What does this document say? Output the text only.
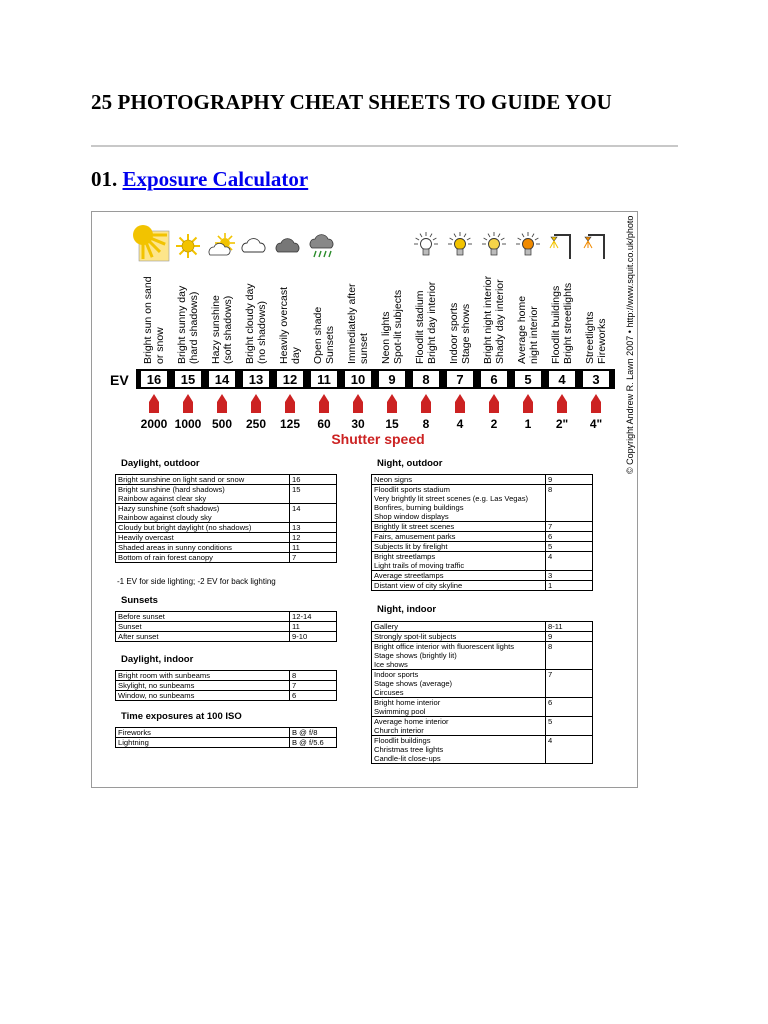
25 PHOTOGRAPHY CHEAT SHEETS TO GUIDE YOU
01. Exposure Calculator
EV
Bright sun on sandor snow
16
2000
Bright sunny day(hard shadows)
15
1000
Hazy sunshine(soft shadows)
14
500
Bright cloudy day(no shadows)
13
250
Heavily overcastday
12
125
Open shadeSunsets
11
60
Immediately aftersunset
10
30
Neon lightsSpot-lit subjects
9
15
Floodlit stadiumBright day interior
8
8
Indoor sportsStage shows
7
4
Bright night interiorShady day interior
6
2
Average homenight interior
5
1
Floodlit buildingsBright streetlights
4
2"
StreetlightsFireworks
3
4"
Shutter speed
Daylight, outdoor
Bright sunshine on light sand or snow	16
Bright sunshine (hard shadows)
Rainbow against clear sky	15
Hazy sunshine (soft shadows)
Rainbow against cloudy sky	14
Cloudy but bright daylight (no shadows)	13
Heavily overcast	12
Shaded areas in sunny conditions	11
Bottom of rain forest canopy	7
-1 EV for side lighting; -2 EV for back lighting
Sunsets
Before sunset	12-14
Sunset	11
After sunset	9-10
Daylight, indoor
Bright room with sunbeams	8
Skylight, no sunbeams	7
Window, no sunbeams	6
Time exposures at 100 ISO
Fireworks	B @ f/8
Lightning	B @ f/5.6
Night, outdoor
Neon signs	9
Floodlit sports stadium
Very brightly lit street scenes (e.g. Las Vegas)
Bonfires, burning buildings
Shop window displays	8
Brightly lit street scenes	7
Fairs, amusement parks	6
Subjects lit by firelight	5
Bright streetlamps
Light trails of moving traffic	4
Average streetlamps	3
Distant view of city skyline	1
Night, indoor
Gallery	8-11
Strongly spot-lit subjects	9
Bright office interior with fluorescent lights
Stage shows (brightly lit)
Ice shows	8
Indoor sports
Stage shows (average)
Circuses	7
Bright home interior
Swimming pool	6
Average home interior
Church interior	5
Floodlit buildings
Christmas tree lights
Candle-lit close-ups	4
© Copyright Andrew R. Lawn 2007 • http://www.squit.co.uk/photo
